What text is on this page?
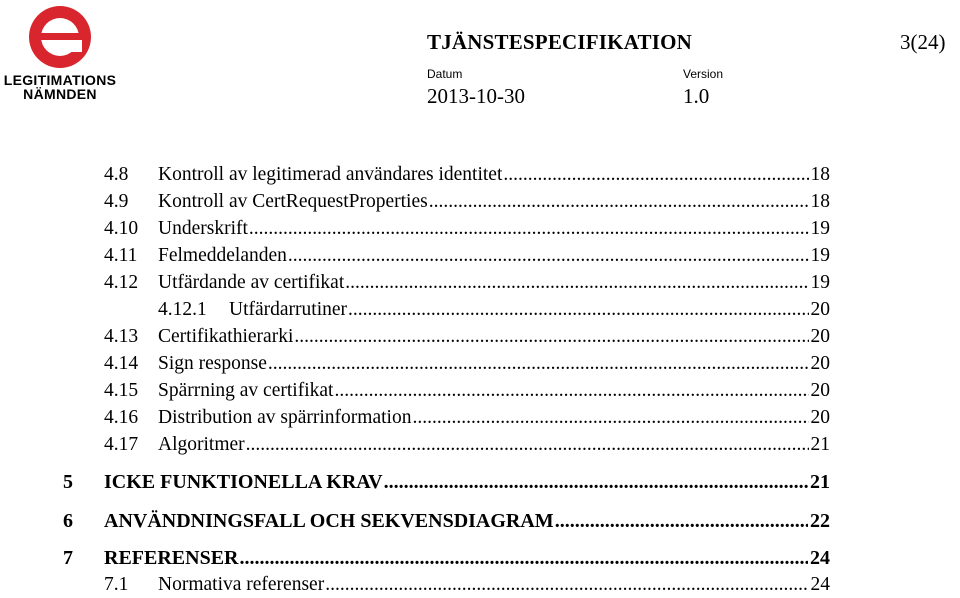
LEGITIMATIONS
NÄMNDEN
TJÄNSTESPECIFIKATION	3(24)
Datum	Version
2013-10-30	1.0
4.8	Kontroll av legitimerad användares identitet .....	18
4.9	Kontroll av CertRequestProperties .....	18
4.10	Underskrift .....	19
4.11	Felmeddelanden .....	19
4.12	Utfärdande av certifikat .....	19
4.12.1	Utfärdarrutiner .....	20
4.13	Certifikathierarki .....	20
4.14	Sign response .....	20
4.15	Spärrning av certifikat .....	20
4.16	Distribution av spärrinformation .....	20
4.17	Algoritmer .....	21
5	ICKE FUNKTIONELLA KRAV .....	21
6	ANVÄNDNINGSFALL OCH SEKVENSDIAGRAM .....	22
7	REFERENSER .....	24
7.1	Normativa referenser .....	24
